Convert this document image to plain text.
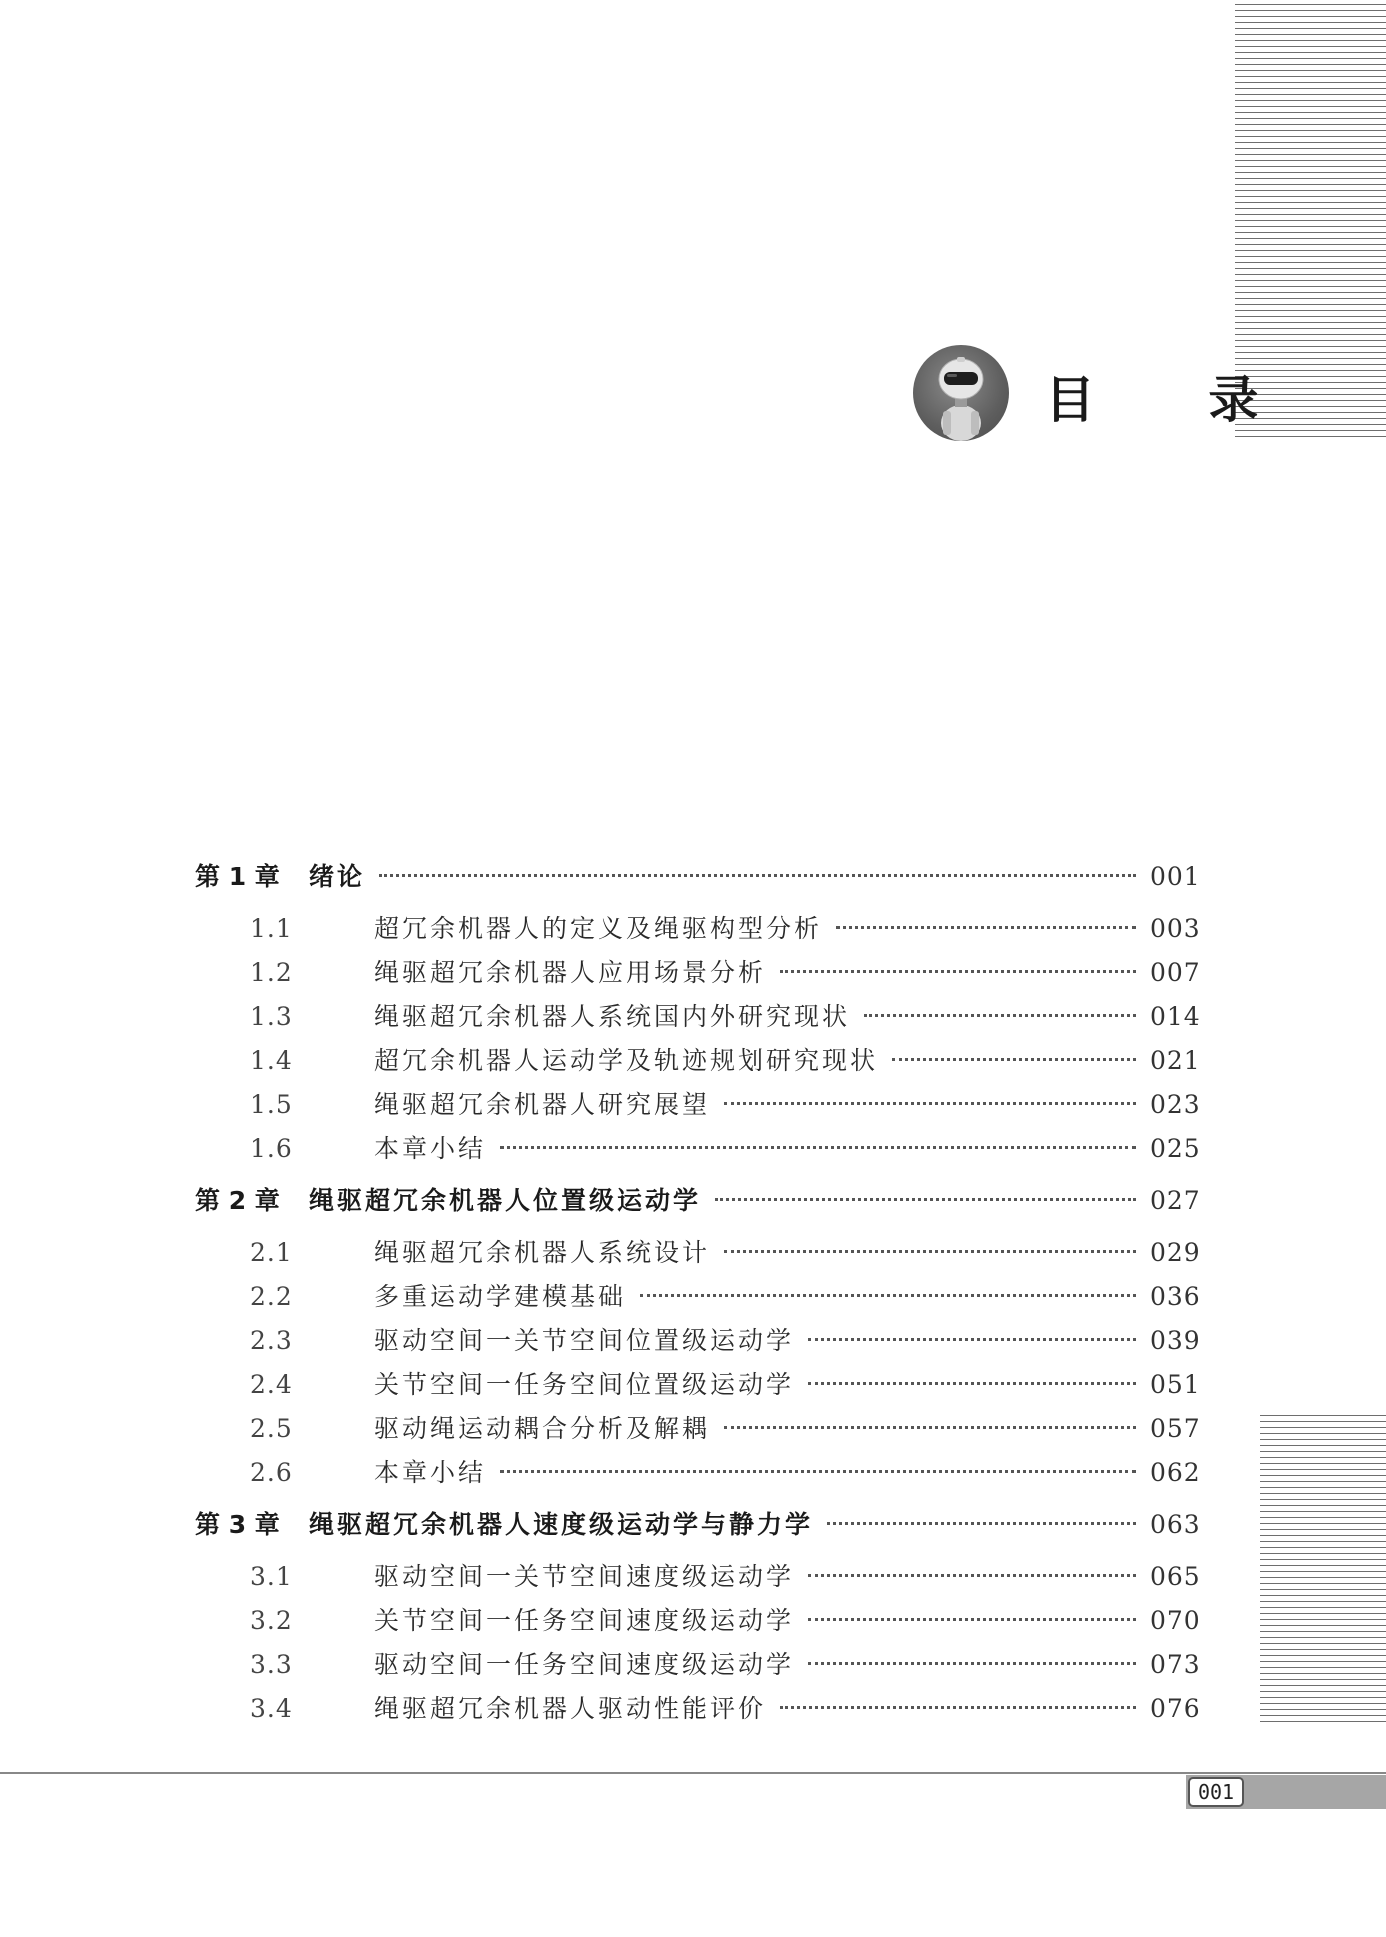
目 录
第 1 章	绪论	001
1.1	超冗余机器人的定义及绳驱构型分析	003
1.2	绳驱超冗余机器人应用场景分析	007
1.3	绳驱超冗余机器人系统国内外研究现状	014
1.4	超冗余机器人运动学及轨迹规划研究现状	021
1.5	绳驱超冗余机器人研究展望	023
1.6	本章小结	025
第 2 章	绳驱超冗余机器人位置级运动学	027
2.1	绳驱超冗余机器人系统设计	029
2.2	多重运动学建模基础	036
2.3	驱动空间一关节空间位置级运动学	039
2.4	关节空间一任务空间位置级运动学	051
2.5	驱动绳运动耦合分析及解耦	057
2.6	本章小结	062
第 3 章	绳驱超冗余机器人速度级运动学与静力学	063
3.1	驱动空间一关节空间速度级运动学	065
3.2	关节空间一任务空间速度级运动学	070
3.3	驱动空间一任务空间速度级运动学	073
3.4	绳驱超冗余机器人驱动性能评价	076
001
